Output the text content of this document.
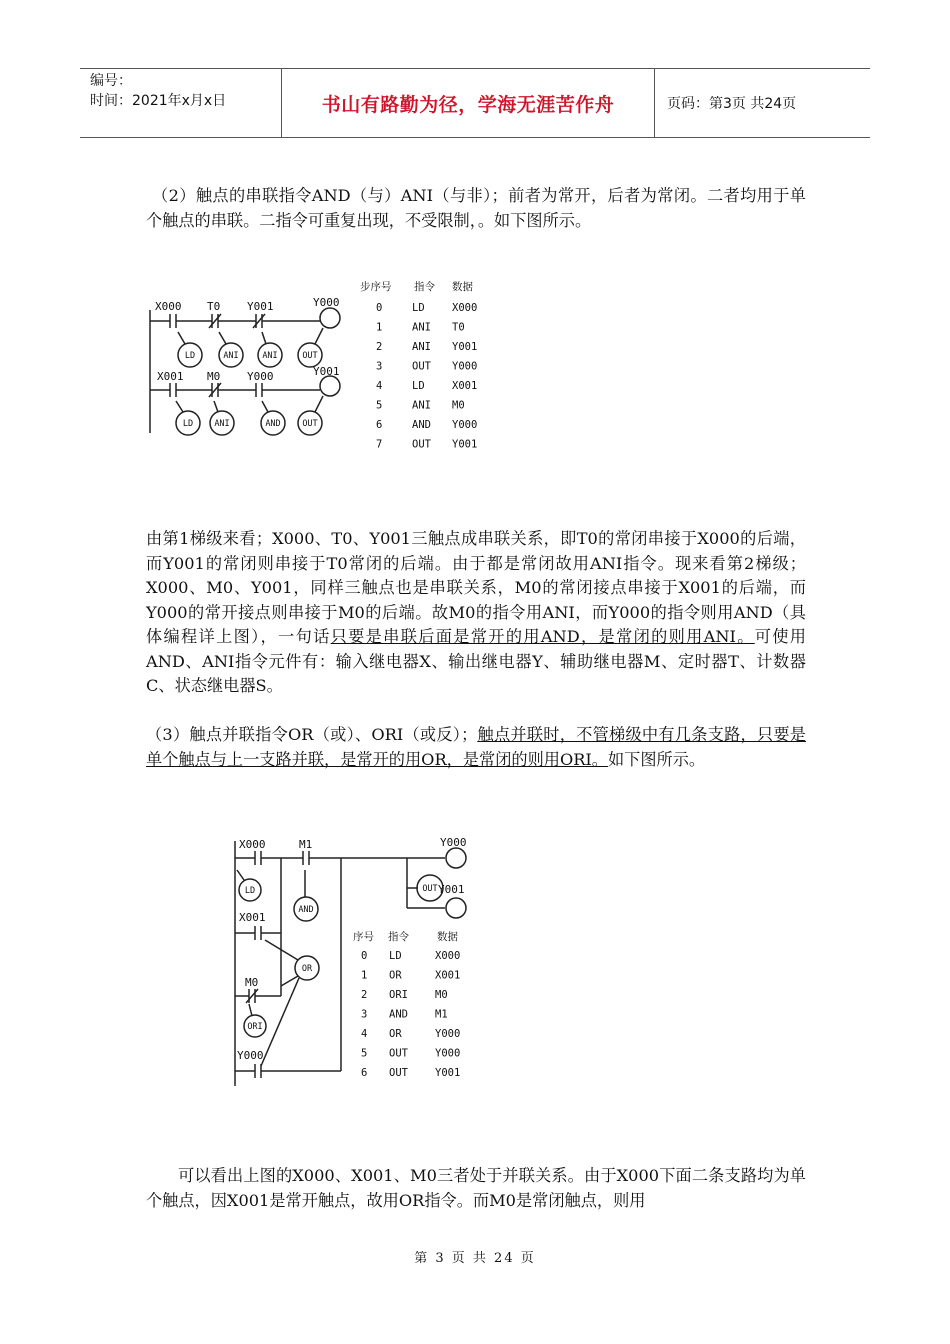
编号：
时间：2021年x月x日	书山有路勤为径，学海无涯苦作舟	页码：第3页 共24页

（2）触点的串联指令AND（与）ANI（与非）；前者为常开，后者为常闭。二者均用于单个触点的串联。二指令可重复出现，不受限制，。如下图所示。

X000 T0 Y001	Y000
X001 M0 Y000	Y001
LD	ANI	ANI	OUT
LD ANI	AND	OUT
步序号 指令 数据
0	LD	X000
1	ANI T0
2	ANI Y001
3	OUT Y000
4	LD	X001
5	ANI M0
6	AND Y000
7	OUT Y001

由第1梯级来看；X000、T0、Y001三触点成串联关系，即T0的常闭串接于X000的后端，而Y001的常闭则串接于T0常闭的后端。由于都是常闭故用ANI指令。现来看第2梯级；X000、M0、Y001，同样三触点也是串联关系，M0的常闭接点串接于X001的后端，而Y000的常开接点则串接于M0的后端。故M0的指令用ANI，而Y000的指令则用AND（具体编程详上图），一句话只要是串联后面是常开的用AND，是常闭的则用ANI。可使用AND、ANI指令元件有：输入继电器X、输出继电器Y、辅助继电器M、定时器T、计数器C、状态继电器S。

（3）触点并联指令OR（或）、ORI（或反）；触点并联时，不管梯级中有几条支路，只要是单个触点与上一支路并联，是常开的用OR，是常闭的则用ORI。如下图所示。

X000	M1	Y000
Y001
X001
M0
Y000
LD
AND
OUT
OR
ORI
序号 指令	数据
0 LD	X000
1 OR	X001
2 ORI	M0
3 AND	M1
4 OR	Y000
5 OUT	Y000
6 OUT	Y001

可以看出上图的X000、X001、M0三者处于并联关系。由于X000下面二条支路均为单个触点，因X001是常开触点，故用OR指令。而M0是常闭触点，则用

第 3 页 共 24 页
